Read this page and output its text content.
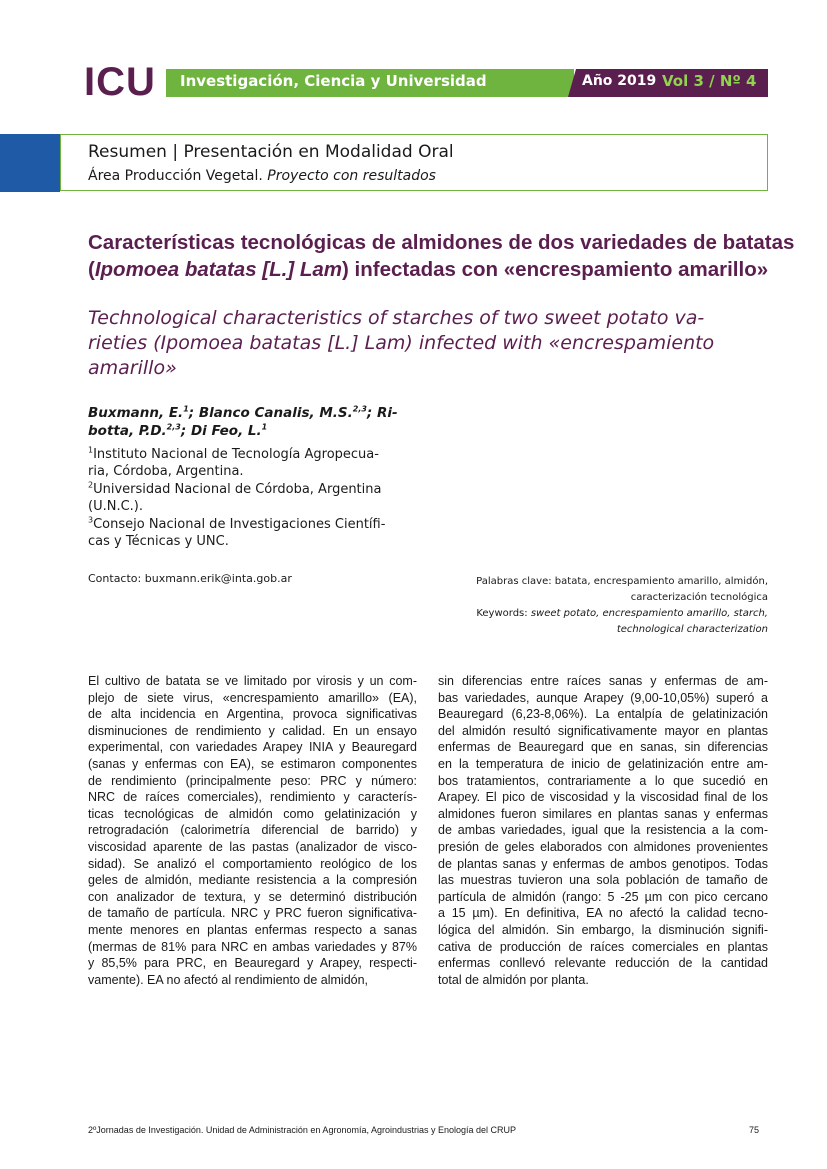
ICU Investigación, Ciencia y Universidad	Año 2019 Vol 3 / Nº 4
Resumen | Presentación en Modalidad Oral
Área Producción Vegetal. Proyecto con resultados
Características tecnológicas de almidones de dos variedades de batatas
(Ipomoea batatas [L.] Lam) infectadas con «encrespamiento amarillo»
Technological characteristics of starches of two sweet potato va-
rieties (Ipomoea batatas [L.] Lam) infected with «encrespamiento
amarillo»
Buxmann, E.$^1$; Blanco Canalis, M.S.$^{2,3}$; Ri-
botta, P.D.$^{2,3}$; Di Feo, L.$^1$
$^1$Instituto Nacional de Tecnología Agropecua-
ria, Córdoba, Argentina.
$^2$Universidad Nacional de Córdoba, Argentina
(U.N.C.).
$^3$Consejo Nacional de Investigaciones Científi-
cas y Técnicas y UNC.
Contacto: buxmann.erik@inta.gob.ar	Palabras clave: batata, encrespamiento amarillo, almidón,
caracterización tecnológica
Keywords: sweet potato, encrespamiento amarillo, starch,
technological characterization
El cultivo de batata se ve limitado por virosis y un com-
plejo de siete virus, «encrespamiento amarillo» (EA),
de alta incidencia en Argentina, provoca significativas
disminuciones de rendimiento y calidad. En un ensayo
experimental, con variedades Arapey INIA y Beauregard
(sanas y enfermas con EA), se estimaron componentes
de rendimiento (principalmente peso: PRC y número:
NRC de raíces comerciales), rendimiento y caracterís-
ticas tecnológicas de almidón como gelatinización y
retrogradación (calorimetría diferencial de barrido) y
viscosidad aparente de las pastas (analizador de visco-
sidad). Se analizó el comportamiento reológico de los
geles de almidón, mediante resistencia a la compresión
con analizador de textura, y se determinó distribución
de tamaño de partícula. NRC y PRC fueron significativa-
mente menores en plantas enfermas respecto a sanas
(mermas de 81% para NRC en ambas variedades y 87%
y 85,5% para PRC, en Beauregard y Arapey, respecti-
vamente). EA no afectó al rendimiento de almidón,
sin diferencias entre raíces sanas y enfermas de am-
bas variedades, aunque Arapey (9,00-10,05%) superó a
Beauregard (6,23-8,06%). La entalpía de gelatinización
del almidón resultó significativamente mayor en plantas
enfermas de Beauregard que en sanas, sin diferencias
en la temperatura de inicio de gelatinización entre am-
bos tratamientos, contrariamente a lo que sucedió en
Arapey. El pico de viscosidad y la viscosidad final de los
almidones fueron similares en plantas sanas y enfermas
de ambas variedades, igual que la resistencia a la com-
presión de geles elaborados con almidones provenientes
de plantas sanas y enfermas de ambos genotipos. Todas
las muestras tuvieron una sola población de tamaño de
partícula de almidón (rango: 5 -25 µm con pico cercano
a 15 µm). En definitiva, EA no afectó la calidad tecno-
lógica del almidón. Sin embargo, la disminución signifi-
cativa de producción de raíces comerciales en plantas
enfermas conllevó relevante reducción de la cantidad
total de almidón por planta.
2ºJornadas de Investigación. Unidad de Administración en Agronomía, Agroindustrias y Enología del CRUP	75
